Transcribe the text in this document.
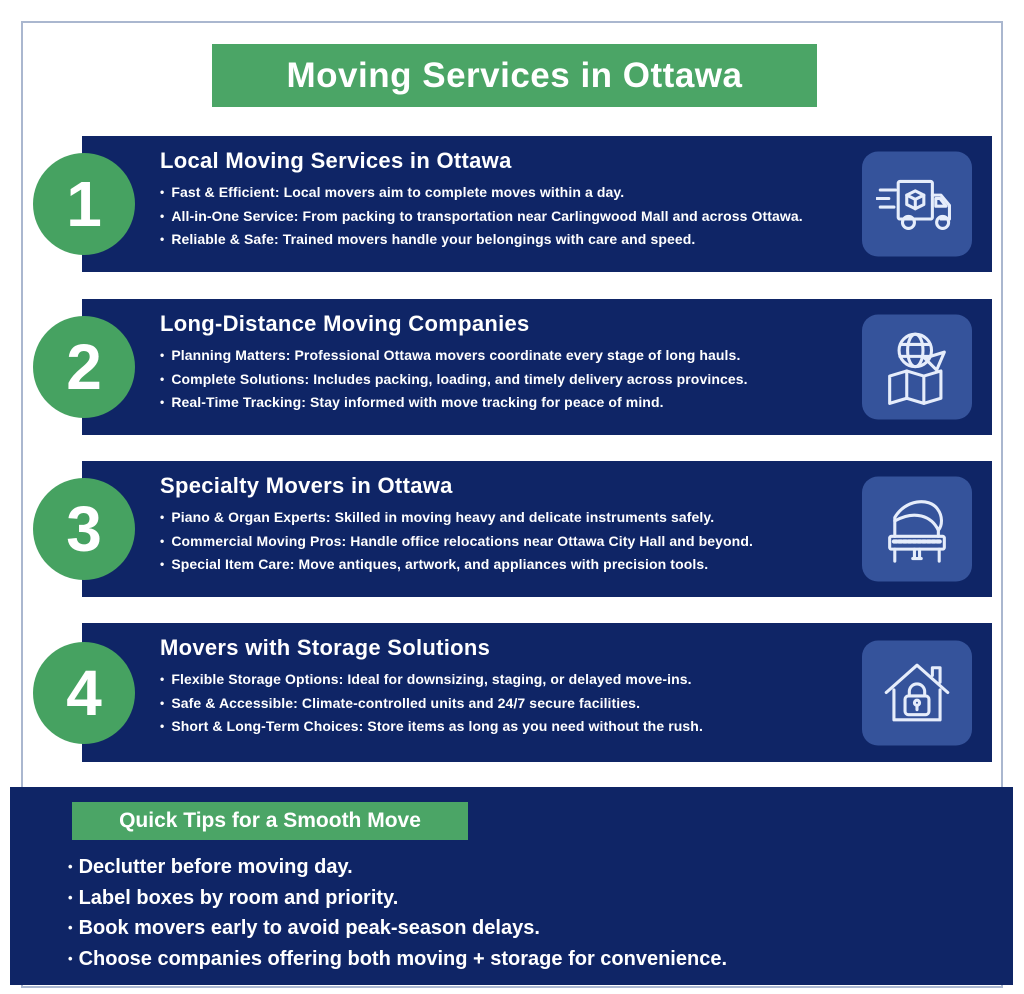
Moving Services in Ottawa
1
Local Moving Services in Ottawa
• Fast & Efficient: Local movers aim to complete moves within a day.
• All-in-One Service: From packing to transportation near Carlingwood Mall and across Ottawa.
• Reliable & Safe: Trained movers handle your belongings with care and speed.
2
Long-Distance Moving Companies
• Planning Matters: Professional Ottawa movers coordinate every stage of long hauls.
• Complete Solutions: Includes packing, loading, and timely delivery across provinces.
• Real-Time Tracking: Stay informed with move tracking for peace of mind.
3
Specialty Movers in Ottawa
• Piano & Organ Experts: Skilled in moving heavy and delicate instruments safely.
• Commercial Moving Pros: Handle office relocations near Ottawa City Hall and beyond.
• Special Item Care: Move antiques, artwork, and appliances with precision tools.
4
Movers with Storage Solutions
• Flexible Storage Options: Ideal for downsizing, staging, or delayed move-ins.
• Safe & Accessible: Climate-controlled units and 24/7 secure facilities.
• Short & Long-Term Choices: Store items as long as you need without the rush.
Quick Tips for a Smooth Move
• Declutter before moving day.
• Label boxes by room and priority.
• Book movers early to avoid peak-season delays.
• Choose companies offering both moving + storage for convenience.
